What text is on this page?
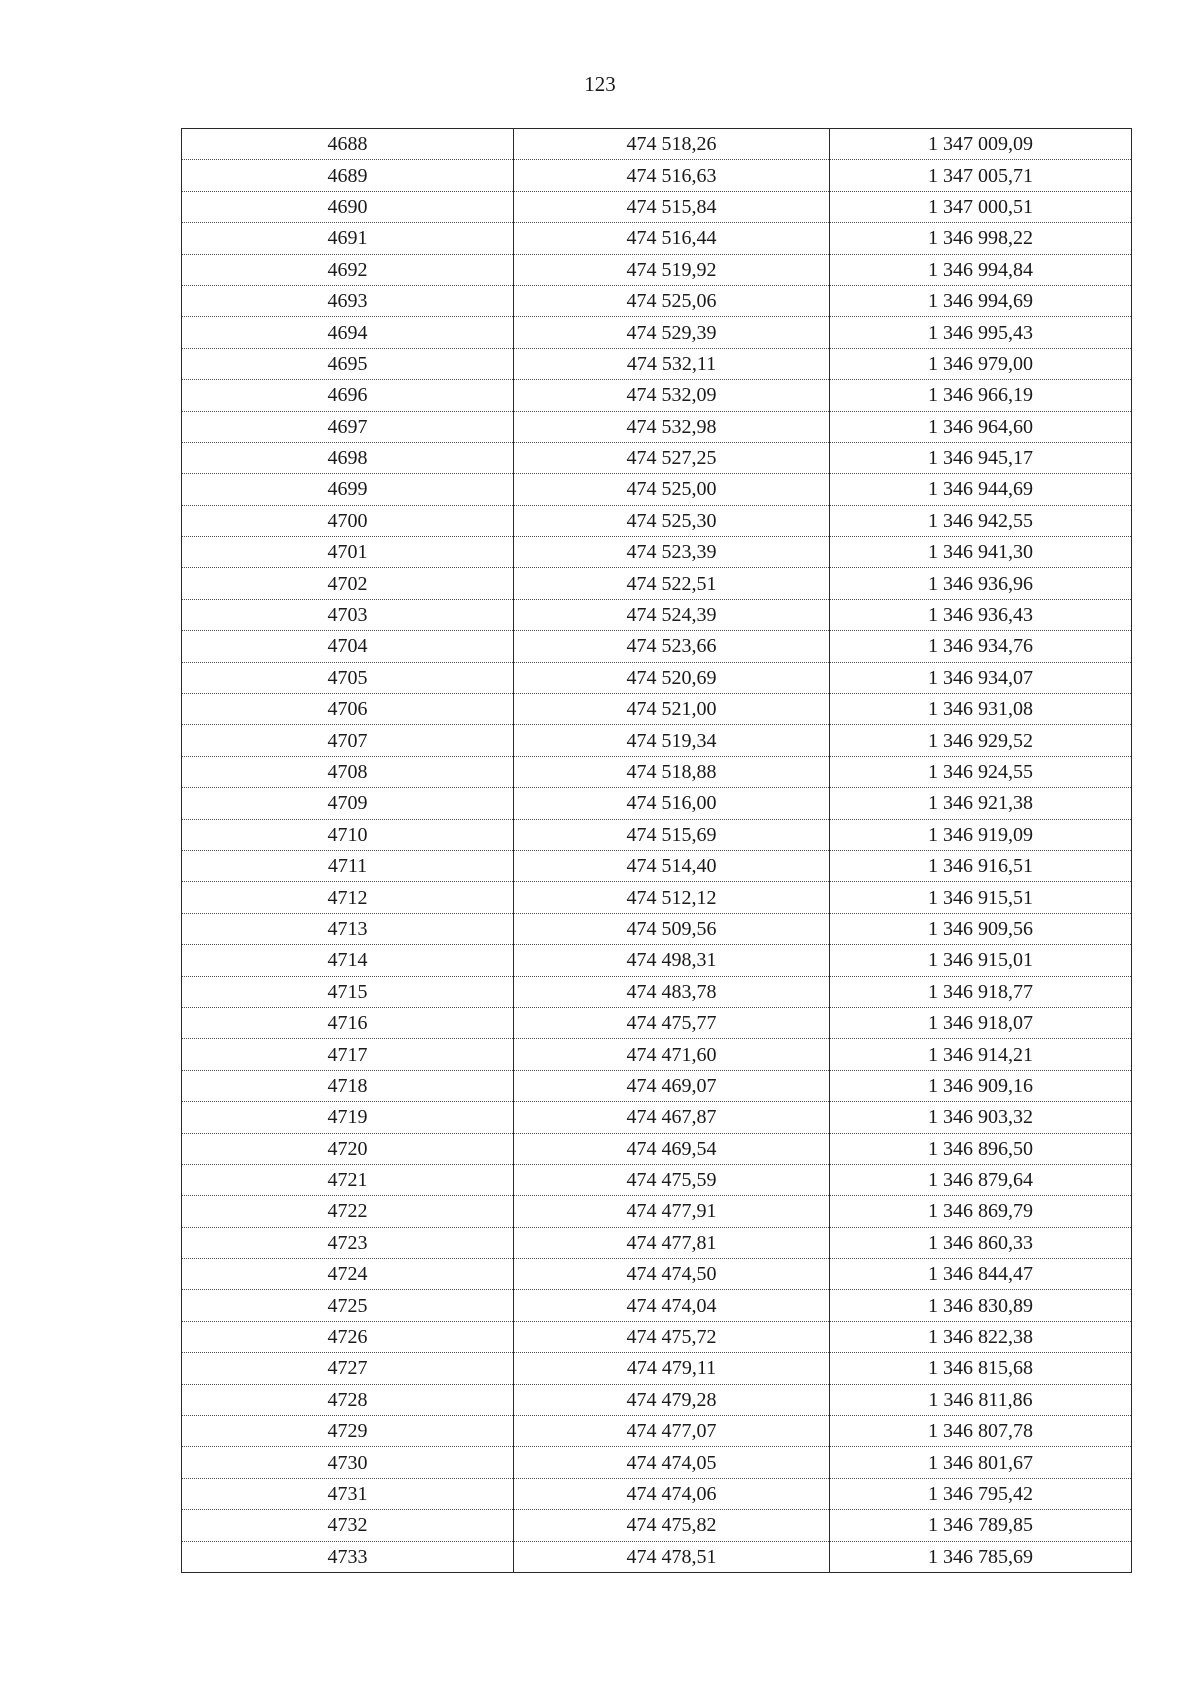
123
4688	474 518,26	1 347 009,09
4689	474 516,63	1 347 005,71
4690	474 515,84	1 347 000,51
4691	474 516,44	1 346 998,22
4692	474 519,92	1 346 994,84
4693	474 525,06	1 346 994,69
4694	474 529,39	1 346 995,43
4695	474 532,11	1 346 979,00
4696	474 532,09	1 346 966,19
4697	474 532,98	1 346 964,60
4698	474 527,25	1 346 945,17
4699	474 525,00	1 346 944,69
4700	474 525,30	1 346 942,55
4701	474 523,39	1 346 941,30
4702	474 522,51	1 346 936,96
4703	474 524,39	1 346 936,43
4704	474 523,66	1 346 934,76
4705	474 520,69	1 346 934,07
4706	474 521,00	1 346 931,08
4707	474 519,34	1 346 929,52
4708	474 518,88	1 346 924,55
4709	474 516,00	1 346 921,38
4710	474 515,69	1 346 919,09
4711	474 514,40	1 346 916,51
4712	474 512,12	1 346 915,51
4713	474 509,56	1 346 909,56
4714	474 498,31	1 346 915,01
4715	474 483,78	1 346 918,77
4716	474 475,77	1 346 918,07
4717	474 471,60	1 346 914,21
4718	474 469,07	1 346 909,16
4719	474 467,87	1 346 903,32
4720	474 469,54	1 346 896,50
4721	474 475,59	1 346 879,64
4722	474 477,91	1 346 869,79
4723	474 477,81	1 346 860,33
4724	474 474,50	1 346 844,47
4725	474 474,04	1 346 830,89
4726	474 475,72	1 346 822,38
4727	474 479,11	1 346 815,68
4728	474 479,28	1 346 811,86
4729	474 477,07	1 346 807,78
4730	474 474,05	1 346 801,67
4731	474 474,06	1 346 795,42
4732	474 475,82	1 346 789,85
4733	474 478,51	1 346 785,69
